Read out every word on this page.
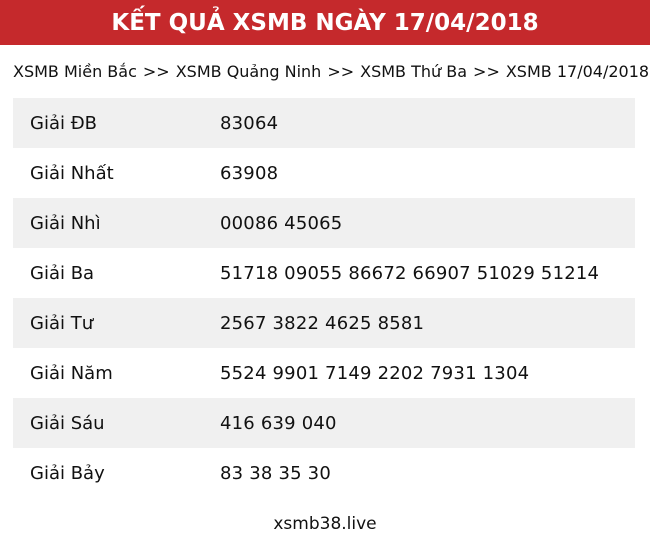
KẾT QUẢ XSMB NGÀY 17/04/2018
XSMB Miền Bắc >> XSMB Quảng Ninh >> XSMB Thứ Ba >> XSMB 17/04/2018
Giải ĐB	83064
Giải Nhất	63908
Giải Nhì	00086 45065
Giải Ba	51718 09055 86672 66907 51029 51214
Giải Tư	2567 3822 4625 8581
Giải Năm	5524 9901 7149 2202 7931 1304
Giải Sáu	416 639 040
Giải Bảy	83 38 35 30
xsmb38.live
